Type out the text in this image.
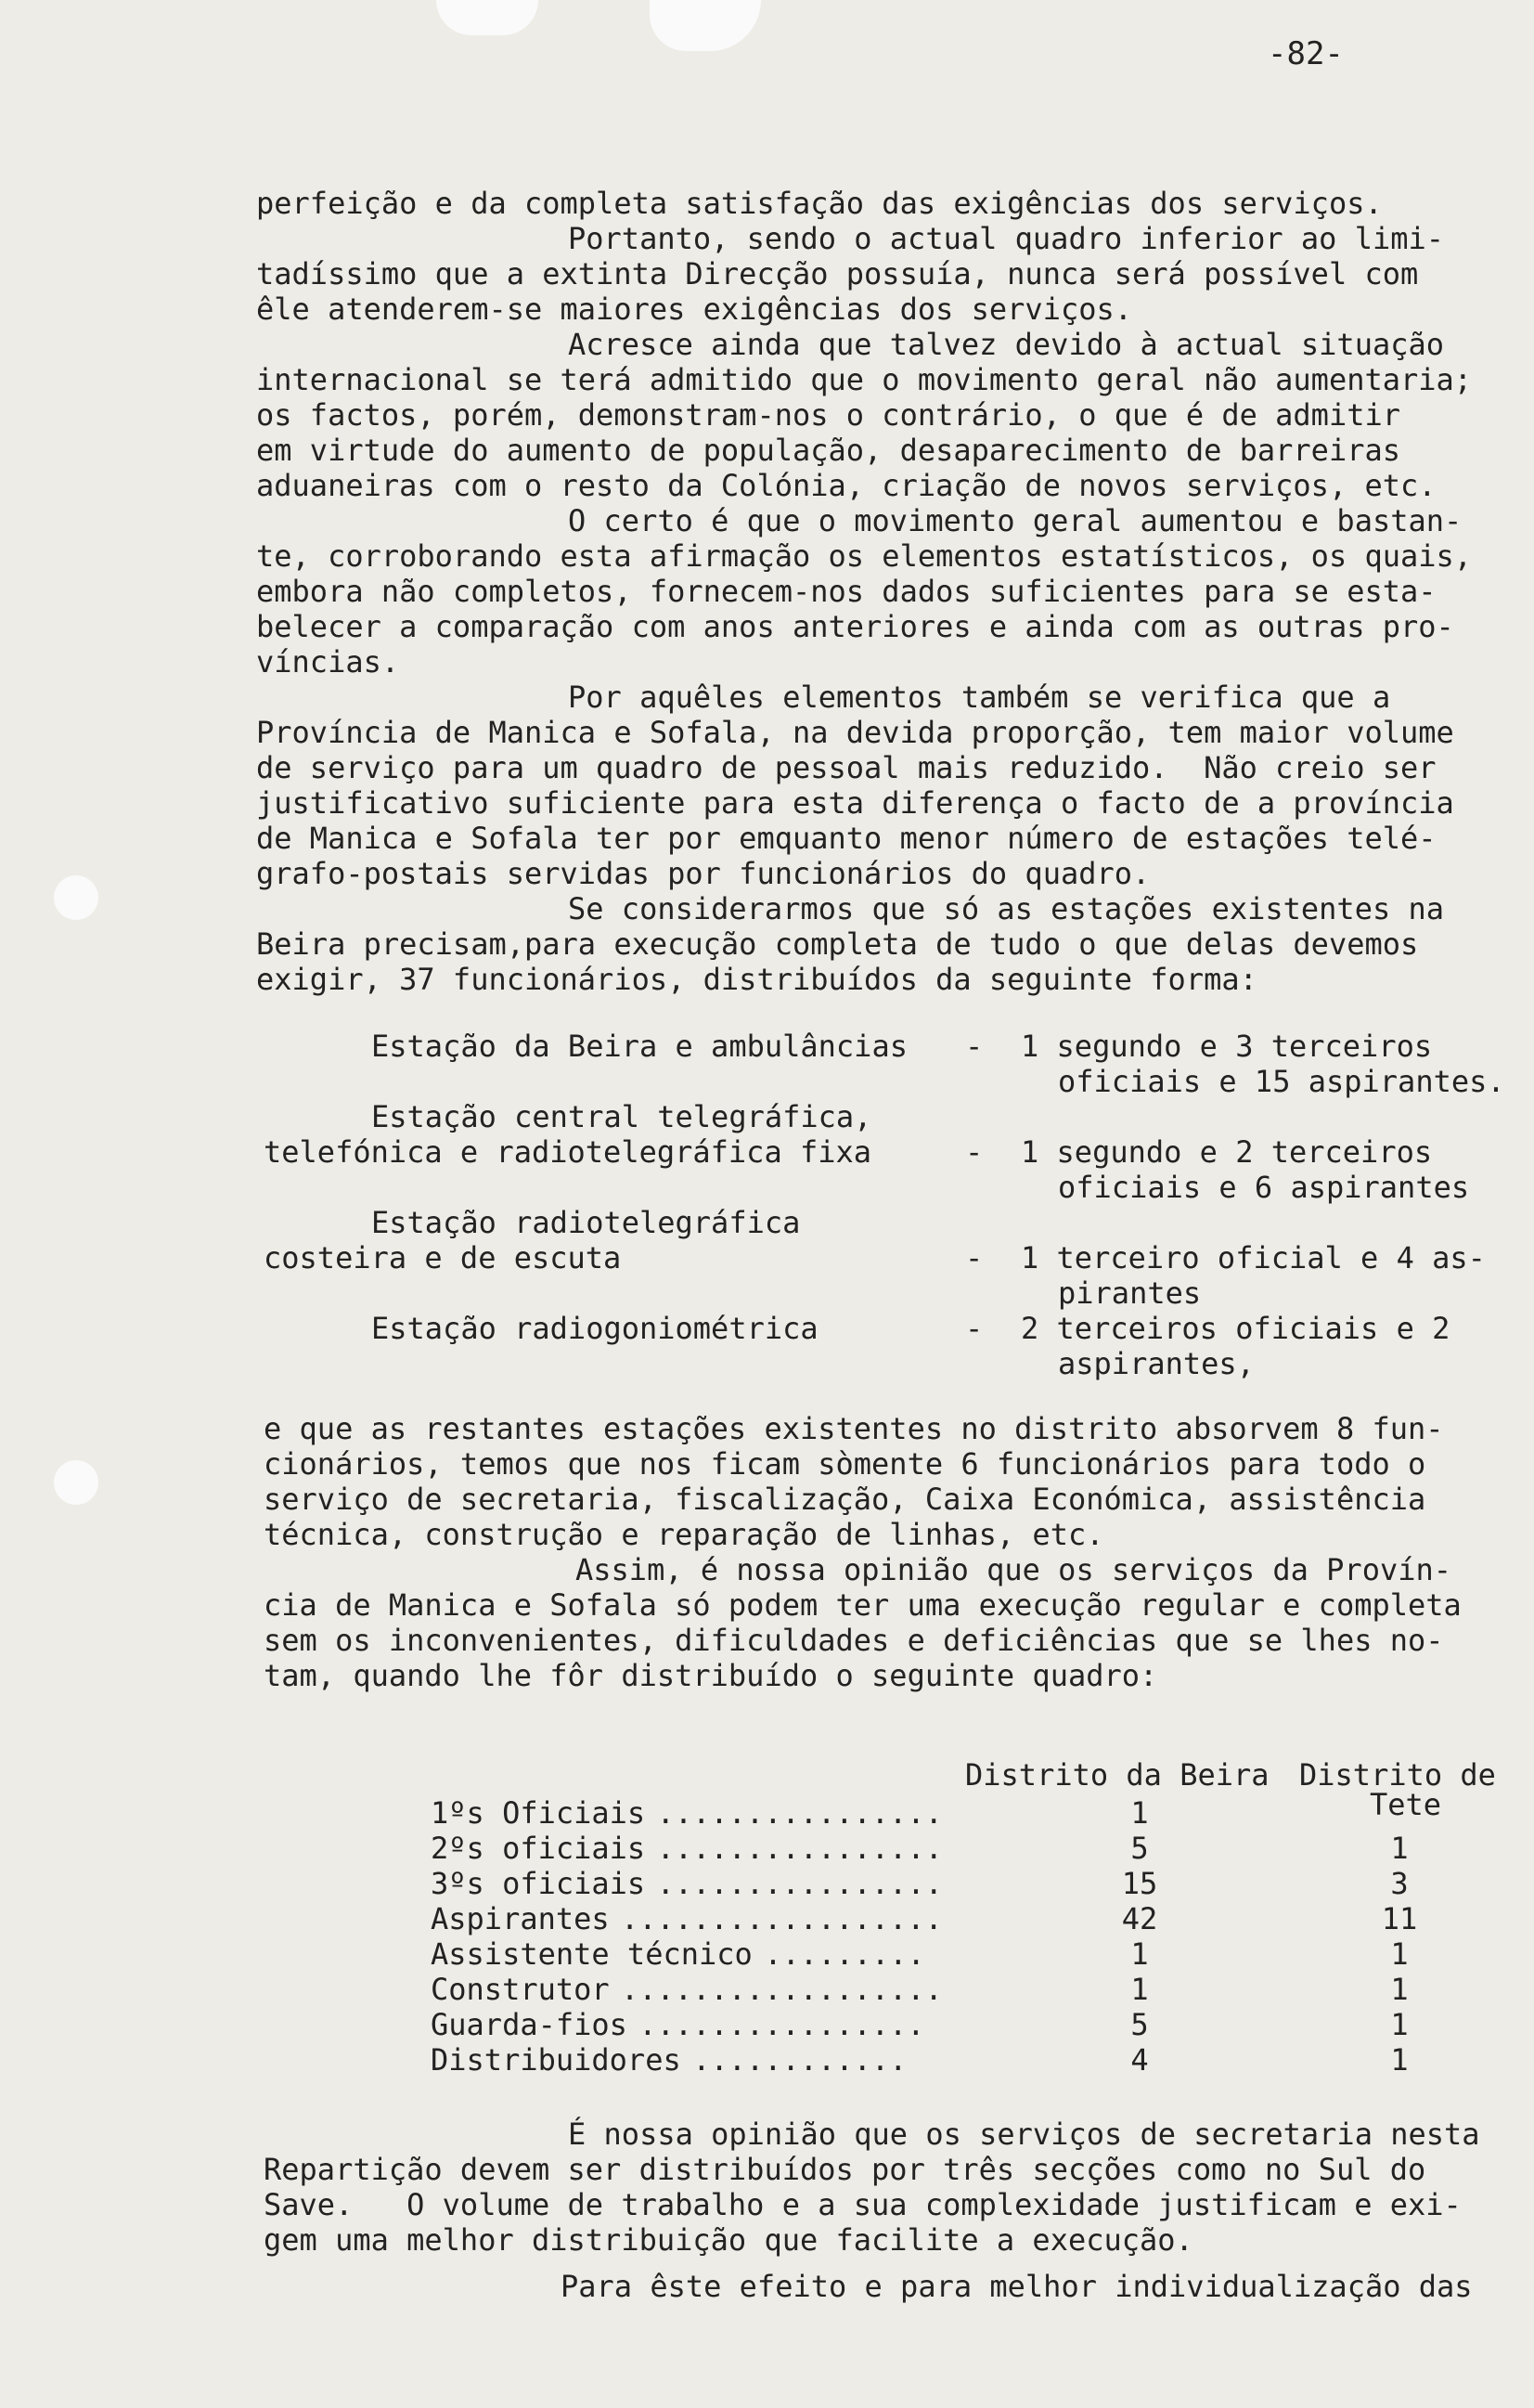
-82-
perfeição e da completa satisfação das exigências dos serviços.
Portanto, sendo o actual quadro inferior ao limi-
tadíssimo que a extinta Direcção possuía, nunca será possível com
êle atenderem-se maiores exigências dos serviços.
Acresce ainda que talvez devido à actual situação
internacional se terá admitido que o movimento geral não aumentaria;
os factos, porém, demonstram-nos o contrário, o que é de admitir
em virtude do aumento de população, desaparecimento de barreiras
aduaneiras com o resto da Colónia, criação de novos serviços, etc.
O certo é que o movimento geral aumentou e bastan-
te, corroborando esta afirmação os elementos estatísticos, os quais,
embora não completos, fornecem-nos dados suficientes para se esta-
belecer a comparação com anos anteriores e ainda com as outras pro-
víncias.
Por aquêles elementos também se verifica que a
Província de Manica e Sofala, na devida proporção, tem maior volume
de serviço para um quadro de pessoal mais reduzido.  Não creio ser
justificativo suficiente para esta diferença o facto de a província
de Manica e Sofala ter por emquanto menor número de estações telé-
grafo-postais servidas por funcionários do quadro.
Se considerarmos que só as estações existentes na
Beira precisam,para execução completa de tudo o que delas devemos
exigir, 37 funcionários, distribuídos da seguinte forma:
Estação da Beira e ambulâncias - 1 segundo e 3 terceiros
oficiais e 15 aspirantes.
Estação central telegráfica,
telefónica e radiotelegráfica fixa	- 1 segundo e 2 terceiros
oficiais e 6 aspirantes
Estação radiotelegráfica
costeira e de escuta	- 1 terceiro oficial e 4 as-
pirantes
Estação radiogoniométrica	- 2 terceiros oficiais e 2
aspirantes,
e que as restantes estações existentes no distrito absorvem 8 fun-
cionários, temos que nos ficam sòmente 6 funcionários para todo o
serviço de secretaria, fiscalização, Caixa Económica, assistência
técnica, construção e reparação de linhas, etc.
Assim, é nossa opinião que os serviços da Provín-
cia de Manica e Sofala só podem ter uma execução regular e completa
sem os inconvenientes, dificuldades e deficiências que se lhes no-
tam, quando lhe fôr distribuído o seguinte quadro:
Distrito da Beira Distrito de
Tete
1ºs Oficiais ................	1
2ºs oficiais ................	5	1
3ºs oficiais ................	15	3
Aspirantes ..................	42	11
Assistente técnico .........	1	1
Construtor ..................	1	1
Guarda-fios ................	5	1
Distribuidores ............	4	1
É nossa opinião que os serviços de secretaria nesta
Repartição devem ser distribuídos por três secções como no Sul do
Save.   O volume de trabalho e a sua complexidade justificam e exi-
gem uma melhor distribuição que facilite a execução.
Para êste efeito e para melhor individualização das
